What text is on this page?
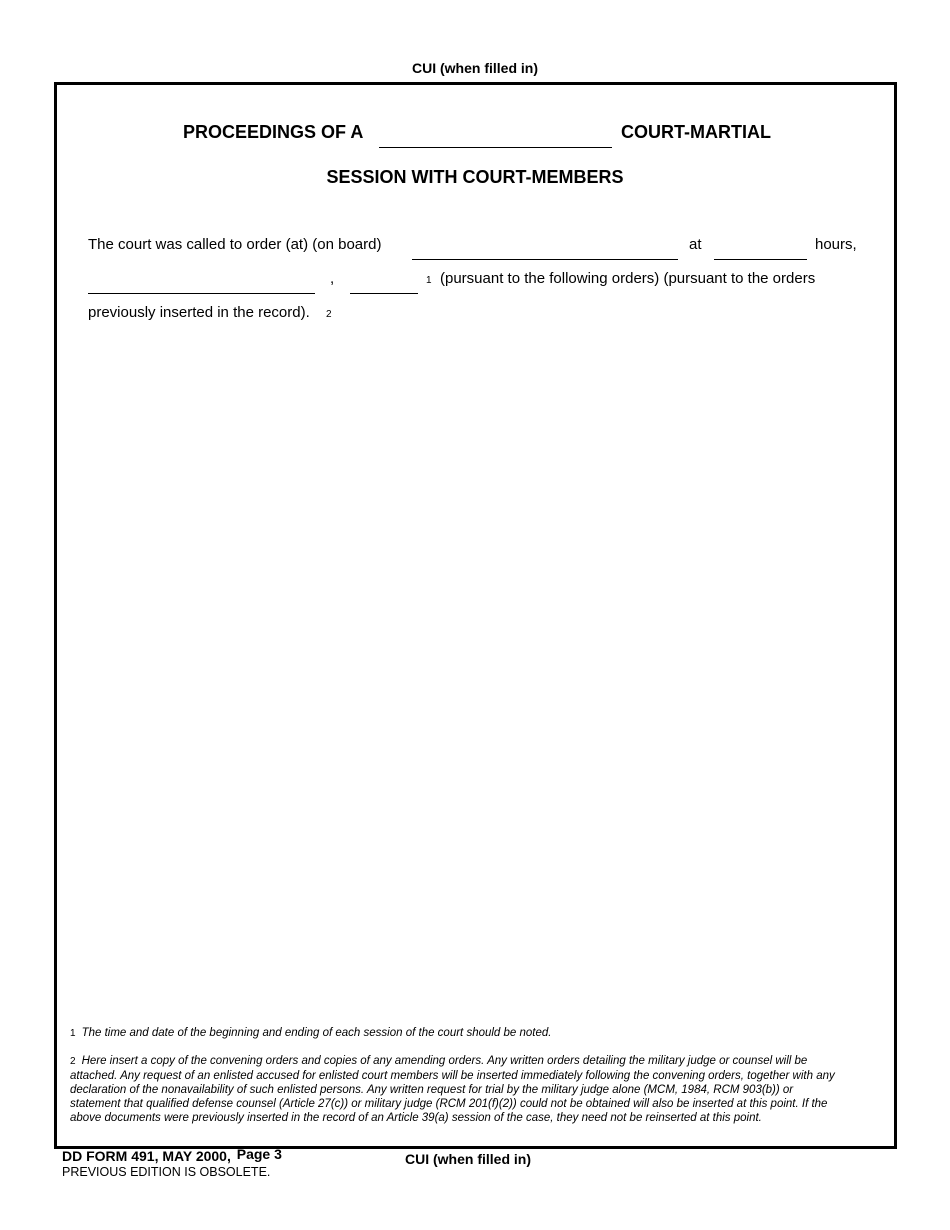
CUI (when filled in)
PROCEEDINGS OF A	COURT-MARTIAL
SESSION WITH COURT-MEMBERS
The court was called to order (at) (on board)	at	hours,
,	1 (pursuant to the following orders) (pursuant to the orders
previously inserted in the record). 2
1 The time and date of the beginning and ending of each session of the court should be noted.
2 Here insert a copy of the convening orders and copies of any amending orders. Any written orders detailing the military judge or counsel will be attached. Any request of an enlisted accused for enlisted court members will be inserted immediately following the convening orders, together with any declaration of the nonavailability of such enlisted persons. Any written request for trial by the military judge alone (MCM, 1984, RCM 903(b)) or statement that qualified defense counsel (Article 27(c)) or military judge (RCM 201(f)(2)) could not be obtained will also be inserted at this point. If the above documents were previously inserted in the record of an Article 39(a) session of the case, they need not be reinserted at this point.
DD FORM 491, MAY 2000, Page 3
PREVIOUS EDITION IS OBSOLETE.
CUI (when filled in)
